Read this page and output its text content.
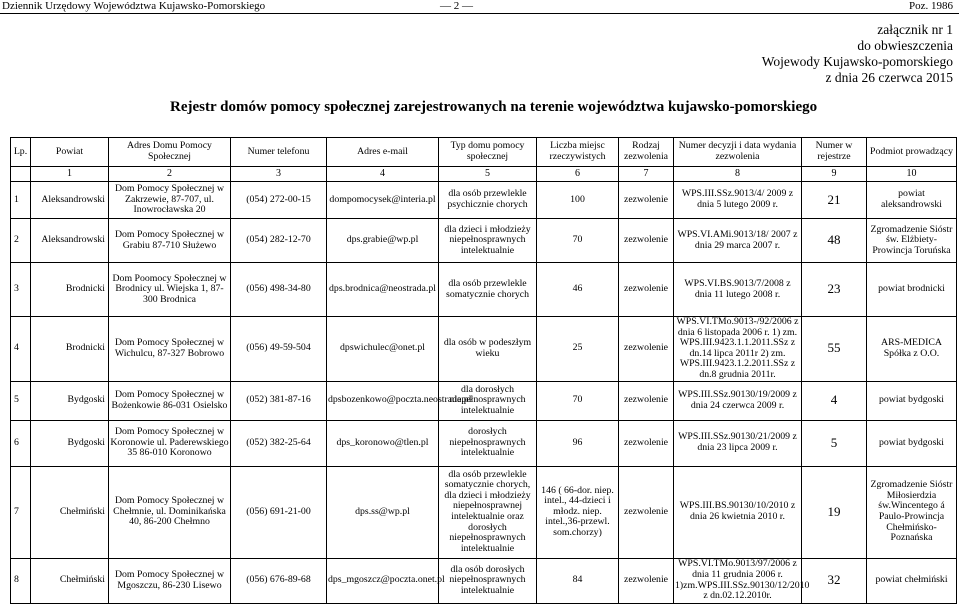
Dziennik Urzędowy Województwa Kujawsko-Pomorskiego	— 2 —	Poz. 1986
załącznik nr 1
do obwieszczenia
Wojewody Kujawsko-pomorskiego
z dnia 26 czerwca 2015
Rejestr domów pomocy społecznej zarejestrowanych na terenie województwa kujawsko-pomorskiego
Lp.	Powiat	Adres Domu Pomocy Społecznej	Numer telefonu	Adres e-mail	Typ domu pomocy społecznej	Liczba miejsc rzeczywistych	Rodzaj zezwolenia	Numer decyzji i data wydania zezwolenia	Numer w rejestrze	Podmiot prowadzący
	1	2	3	4	5	6	7	8	9	10
1	Aleksandrowski	Dom Pomocy Społecznej w Zakrzewie, 87-707, ul. Inowrocławska 20	(054) 272-00-15	dompomocysek@interia.pl	dla osób przewlekle psychicznie chorych	100	zezwolenie	WPS.III.SSz.9013/4/ 2009 z dnia 5 lutego 2009 r.	21	powiat aleksandrowski
2	Aleksandrowski	Dom Pomocy Społecznej w Grabiu 87-710 Służewo	(054) 282-12-70	dps.grabie@wp.pl	dla dzieci i młodzieży niepełnosprawnych intelektualnie	70	zezwolenie	WPS.VI.AMi.9013/18/ 2007 z dnia 29 marca 2007 r.	48	Zgromadzenie Sióstr św. Elżbiety-Prowincja Toruńska
3	Brodnicki	Dom Poomocy Społecznej w Brodnicy ul. Wiejska 1, 87-300 Brodnica	(056) 498-34-80	dps.brodnica@neostrada.pl	dla osób przewlekle somatycznie chorych	46	zezwolenie	WPS.VI.BS.9013/7/2008 z dnia 11 lutego 2008 r.	23	powiat brodnicki
4	Brodnicki	Dom Pomocy Społecznej w Wichulcu, 87-327 Bobrowo	(056) 49-59-504	dpswichulec@onet.pl	dla osób w podeszłym wieku	25	zezwolenie	WPS.VI.TMo.9013-/92/2006 z dnia 6 listopada 2006 r. 1) zm. WPS.III.9423.1.1.2011.SSz z dn.14 lipca 2011r 2) zm. WPS.III.9423.1.2.2011.SSz z dn.8 grudnia 2011r.	55	ARS-MEDICA Spółka z O.O.
5	Bydgoski	Dom Pomocy Społecznej w Bożenkowie 86-031 Osielsko	(052) 381-87-16	dpsbozenkowo@poczta.neostrada.pl	dla dorosłych niepełnosprawnych intelektualnie	70	zezwolenie	WPS.III.SSz.90130/19/2009 z dnia 24 czerwca 2009 r.	4	powiat bydgoski
6	Bydgoski	Dom Pomocy Społecznej w Koronowie ul. Paderewskiego 35 86-010 Koronowo	(052) 382-25-64	dps_koronowo@tlen.pl	dorosłych niepełnosprawnych intelektualnie	96	zezwolenie	WPS.III.SSz.90130/21/2009 z dnia 23 lipca 2009 r.	5	powiat bydgoski
7	Chełmiński	Dom Pomocy Społecznej w Chełmnie, ul. Dominikańska 40, 86-200 Chełmno	(056) 691-21-00	dps.ss@wp.pl	dla osób przewlekle somatycznie chorych, dla dzieci i młodzieży niepełnosprawnej intelektualnie oraz dorosłych niepełnosprawnych intelektualnie	146 ( 66-dor. niep. intel., 44-dzieci i młodz. niep. intel.,36-przewl. som.chorzy)	zezwolenie	WPS.III.BS.90130/10/2010 z dnia 26 kwietnia 2010 r.	19	Zgromadzenie Sióstr Miłosierdzia św.Wincentego á Paulo-Prowincja Chełmińsko-Poznańska
8	Chełmiński	Dom Pomocy Społecznej w Mgoszczu, 86-230 Lisewo	(056) 676-89-68	dps_mgoszcz@poczta.onet.pl	dla osób dorosłych niepełnosprawnych intelektualnie	84	zezwolenie	WPS.VI.TMo.9013/97/2006 z dnia 11 grudnia 2006 r. 1)zm.WPS.III.SSz.90130/12/2010 z dn.02.12.2010r.	32	powiat chełmiński
